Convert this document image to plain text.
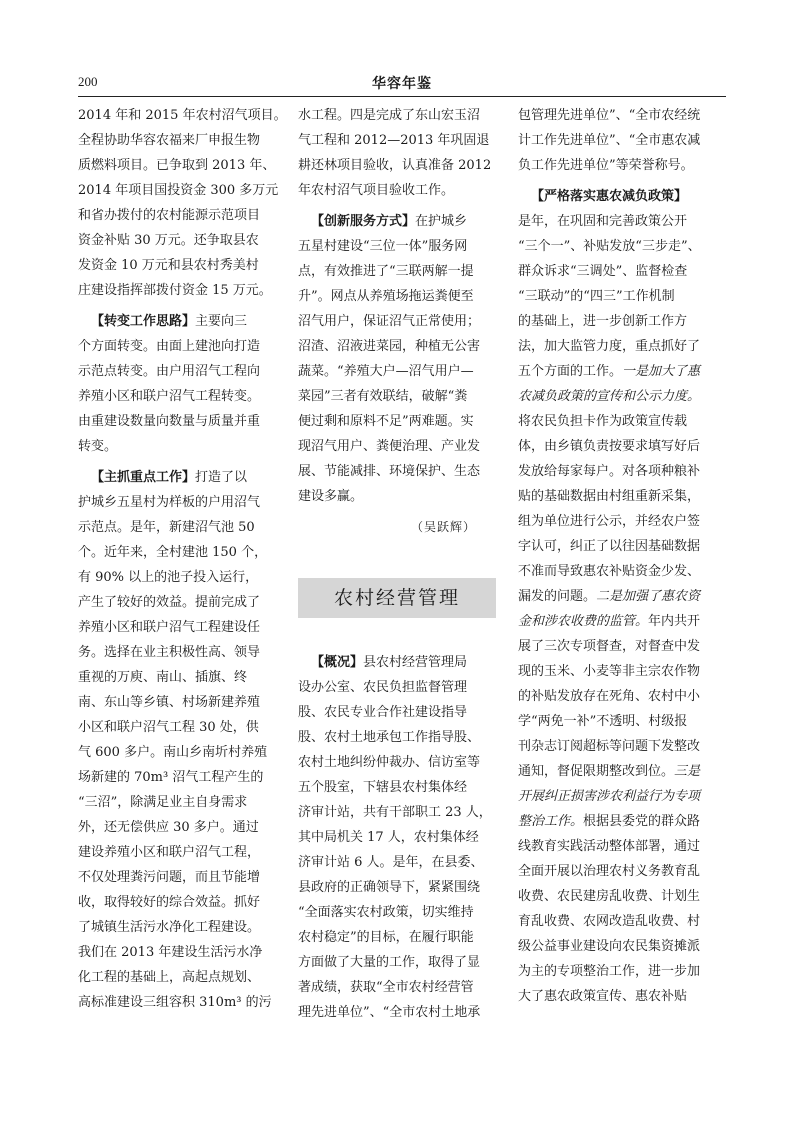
200	华容年鉴

2014 年和 2015 年农村沼气项目。
全程协助华容农福来厂申报生物
质燃料项目。已争取到 2013 年、
2014 年项目国投资金 300 多万元
和省办拨付的农村能源示范项目
资金补贴 30 万元。还争取县农
发资金 10 万元和县农村秀美村
庄建设指挥部拨付资金 15 万元。

【转变工作思路】主要向三
个方面转变。由面上建池向打造
示范点转变。由户用沼气工程向
养殖小区和联户沼气工程转变。
由重建设数量向数量与质量并重
转变。

【主抓重点工作】打造了以
护城乡五星村为样板的户用沼气
示范点。是年，新建沼气池 50
个。近年来，全村建池 150 个，
有 90% 以上的池子投入运行，
产生了较好的效益。提前完成了
养殖小区和联户沼气工程建设任
务。选择在业主积极性高、领导
重视的万庾、南山、插旗、终
南、东山等乡镇、村场新建养殖
小区和联户沼气工程 30 处，供
气 600 多户。南山乡南圻村养殖
场新建的 70m³ 沼气工程产生的
“三沼”，除满足业主自身需求
外，还无偿供应 30 多户。通过
建设养殖小区和联户沼气工程，
不仅处理粪污问题，而且节能增
收，取得较好的综合效益。抓好
了城镇生活污水净化工程建设。
我们在 2013 年建设生活污水净
化工程的基础上，高起点规划、
高标准建设三组容积 310m³ 的污

水工程。四是完成了东山宏玉沼
气工程和 2012—2013 年巩固退
耕还林项目验收，认真准备 2012
年农村沼气项目验收工作。

【创新服务方式】在护城乡
五星村建设“三位一体”服务网
点，有效推进了“三联两解一提
升”。网点从养殖场拖运粪便至
沼气用户，保证沼气正常使用；
沼渣、沼液进菜园，种植无公害
蔬菜。“养殖大户—沼气用户—
菜园”三者有效联结，破解“粪
便过剩和原料不足”两难题。实
现沼气用户、粪便治理、产业发
展、节能减排、环境保护、生态
建设多赢。

（吴跃辉）

农村经营管理

【概况】县农村经营管理局
设办公室、农民负担监督管理
股、农民专业合作社建设指导
股、农村土地承包工作指导股、
农村土地纠纷仲裁办、信访室等
五个股室，下辖县农村集体经
济审计站，共有干部职工 23 人，
其中局机关 17 人，农村集体经
济审计站 6 人。是年，在县委、
县政府的正确领导下，紧紧围绕
“全面落实农村政策，切实维持
农村稳定”的目标，在履行职能
方面做了大量的工作，取得了显
著成绩，获取“全市农村经营管
理先进单位”、“全市农村土地承

包管理先进单位”、“全市农经统
计工作先进单位”、“全市惠农减
负工作先进单位”等荣誉称号。

【严格落实惠农减负政策】
是年，在巩固和完善政策公开
“三个一”、补贴发放“三步走”、
群众诉求“三调处”、监督检查
“三联动”的“四三”工作机制
的基础上，进一步创新工作方
法，加大监管力度，重点抓好了
五个方面的工作。一是加大了惠
农减负政策的宣传和公示力度。
将农民负担卡作为政策宣传载
体，由乡镇负责按要求填写好后
发放给每家每户。对各项种粮补
贴的基础数据由村组重新采集，
组为单位进行公示，并经农户签
字认可，纠正了以往因基础数据
不准而导致惠农补贴资金少发、
漏发的问题。二是加强了惠农资
金和涉农收费的监管。年内共开
展了三次专项督查，对督查中发
现的玉米、小麦等非主宗农作物
的补贴发放存在死角、农村中小
学“两免一补”不透明、村级报
刊杂志订阅超标等问题下发整改
通知，督促限期整改到位。三是
开展纠正损害涉农利益行为专项
整治工作。根据县委党的群众路
线教育实践活动整体部署，通过
全面开展以治理农村义务教育乱
收费、农民建房乱收费、计划生
育乱收费、农网改造乱收费、村
级公益事业建设向农民集资摊派
为主的专项整治工作，进一步加
大了惠农政策宣传、惠农补贴
